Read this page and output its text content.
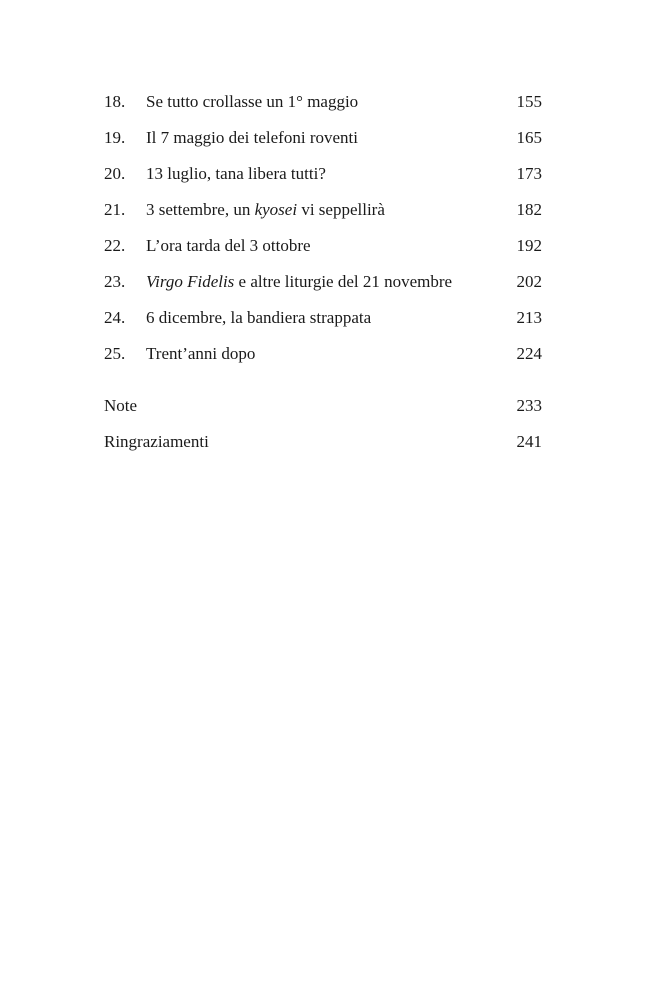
18.	Se tutto crollasse un 1° maggio	155
19.	Il 7 maggio dei telefoni roventi	165
20.	13 luglio, tana libera tutti?	173
21.	3 settembre, un kyosei vi seppellirà	182
22.	L’ora tarda del 3 ottobre	192
23.	Virgo Fidelis e altre liturgie del 21 novembre	202
24.	6 dicembre, la bandiera strappata	213
25.	Trent’anni dopo	224
Note	233
Ringraziamenti	241
